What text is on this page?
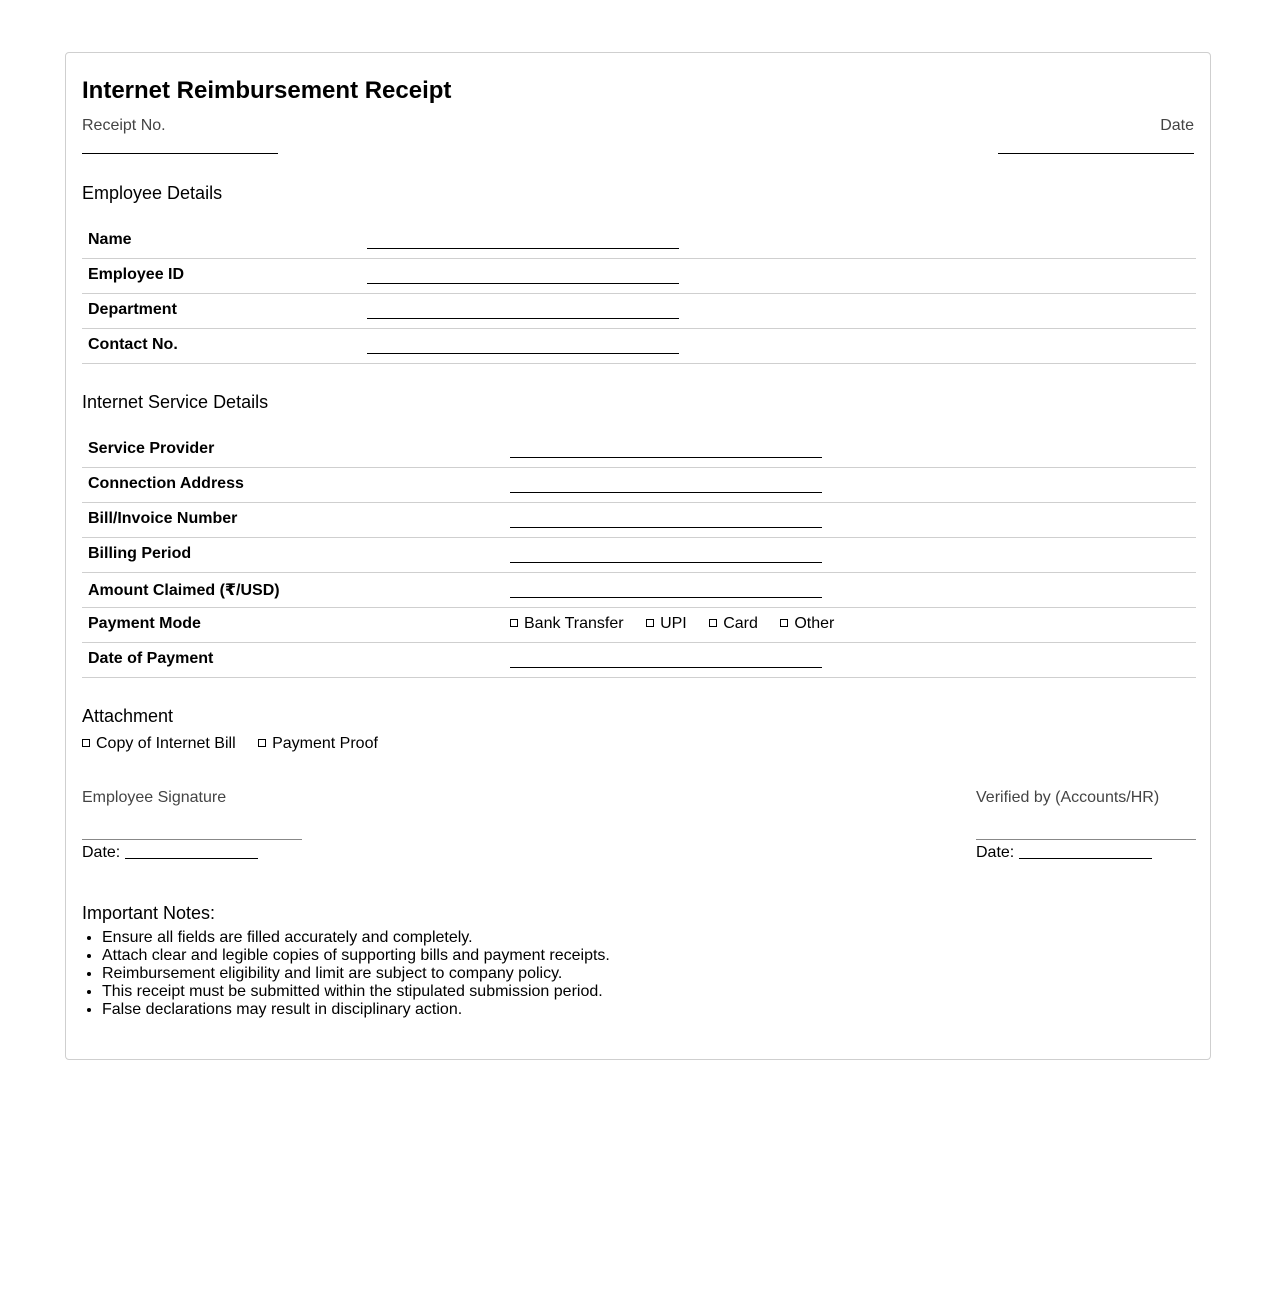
Internet Reimbursement Receipt
Receipt No.	Date
Employee Details
Name
Employee ID
Department
Contact No.
Internet Service Details
Service Provider
Connection Address
Bill/Invoice Number
Billing Period
Amount Claimed (₹/USD)
Payment Mode	Bank Transfer UPI Card Other
Date of Payment
Attachment
Copy of Internet Bill Payment Proof
Employee Signature
Date:
Verified by (Accounts/HR)
Date:
Important Notes:
• Ensure all fields are filled accurately and completely.
• Attach clear and legible copies of supporting bills and payment receipts.
• Reimbursement eligibility and limit are subject to company policy.
• This receipt must be submitted within the stipulated submission period.
• False declarations may result in disciplinary action.
